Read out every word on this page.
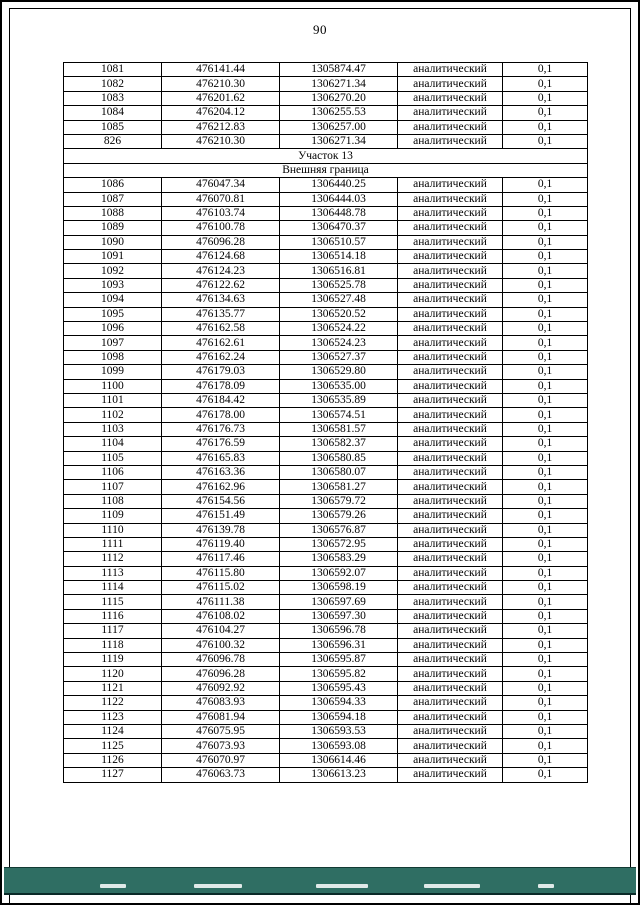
90
1081	476141.44	1305874.47	аналитический	0,1
1082	476210.30	1306271.34	аналитический	0,1
1083	476201.62	1306270.20	аналитический	0,1
1084	476204.12	1306255.53	аналитический	0,1
1085	476212.83	1306257.00	аналитический	0,1
826	476210.30	1306271.34	аналитический	0,1
Участок 13				
Внешняя граница				
1086	476047.34	1306440.25	аналитический	0,1
1087	476070.81	1306444.03	аналитический	0,1
1088	476103.74	1306448.78	аналитический	0,1
1089	476100.78	1306470.37	аналитический	0,1
1090	476096.28	1306510.57	аналитический	0,1
1091	476124.68	1306514.18	аналитический	0,1
1092	476124.23	1306516.81	аналитический	0,1
1093	476122.62	1306525.78	аналитический	0,1
1094	476134.63	1306527.48	аналитический	0,1
1095	476135.77	1306520.52	аналитический	0,1
1096	476162.58	1306524.22	аналитический	0,1
1097	476162.61	1306524.23	аналитический	0,1
1098	476162.24	1306527.37	аналитический	0,1
1099	476179.03	1306529.80	аналитический	0,1
1100	476178.09	1306535.00	аналитический	0,1
1101	476184.42	1306535.89	аналитический	0,1
1102	476178.00	1306574.51	аналитический	0,1
1103	476176.73	1306581.57	аналитический	0,1
1104	476176.59	1306582.37	аналитический	0,1
1105	476165.83	1306580.85	аналитический	0,1
1106	476163.36	1306580.07	аналитический	0,1
1107	476162.96	1306581.27	аналитический	0,1
1108	476154.56	1306579.72	аналитический	0,1
1109	476151.49	1306579.26	аналитический	0,1
1110	476139.78	1306576.87	аналитический	0,1
1111	476119.40	1306572.95	аналитический	0,1
1112	476117.46	1306583.29	аналитический	0,1
1113	476115.80	1306592.07	аналитический	0,1
1114	476115.02	1306598.19	аналитический	0,1
1115	476111.38	1306597.69	аналитический	0,1
1116	476108.02	1306597.30	аналитический	0,1
1117	476104.27	1306596.78	аналитический	0,1
1118	476100.32	1306596.31	аналитический	0,1
1119	476096.78	1306595.87	аналитический	0,1
1120	476096.28	1306595.82	аналитический	0,1
1121	476092.92	1306595.43	аналитический	0,1
1122	476083.93	1306594.33	аналитический	0,1
1123	476081.94	1306594.18	аналитический	0,1
1124	476075.95	1306593.53	аналитический	0,1
1125	476073.93	1306593.08	аналитический	0,1
1126	476070.97	1306614.46	аналитический	0,1
1127	476063.73	1306613.23	аналитический	0,1
